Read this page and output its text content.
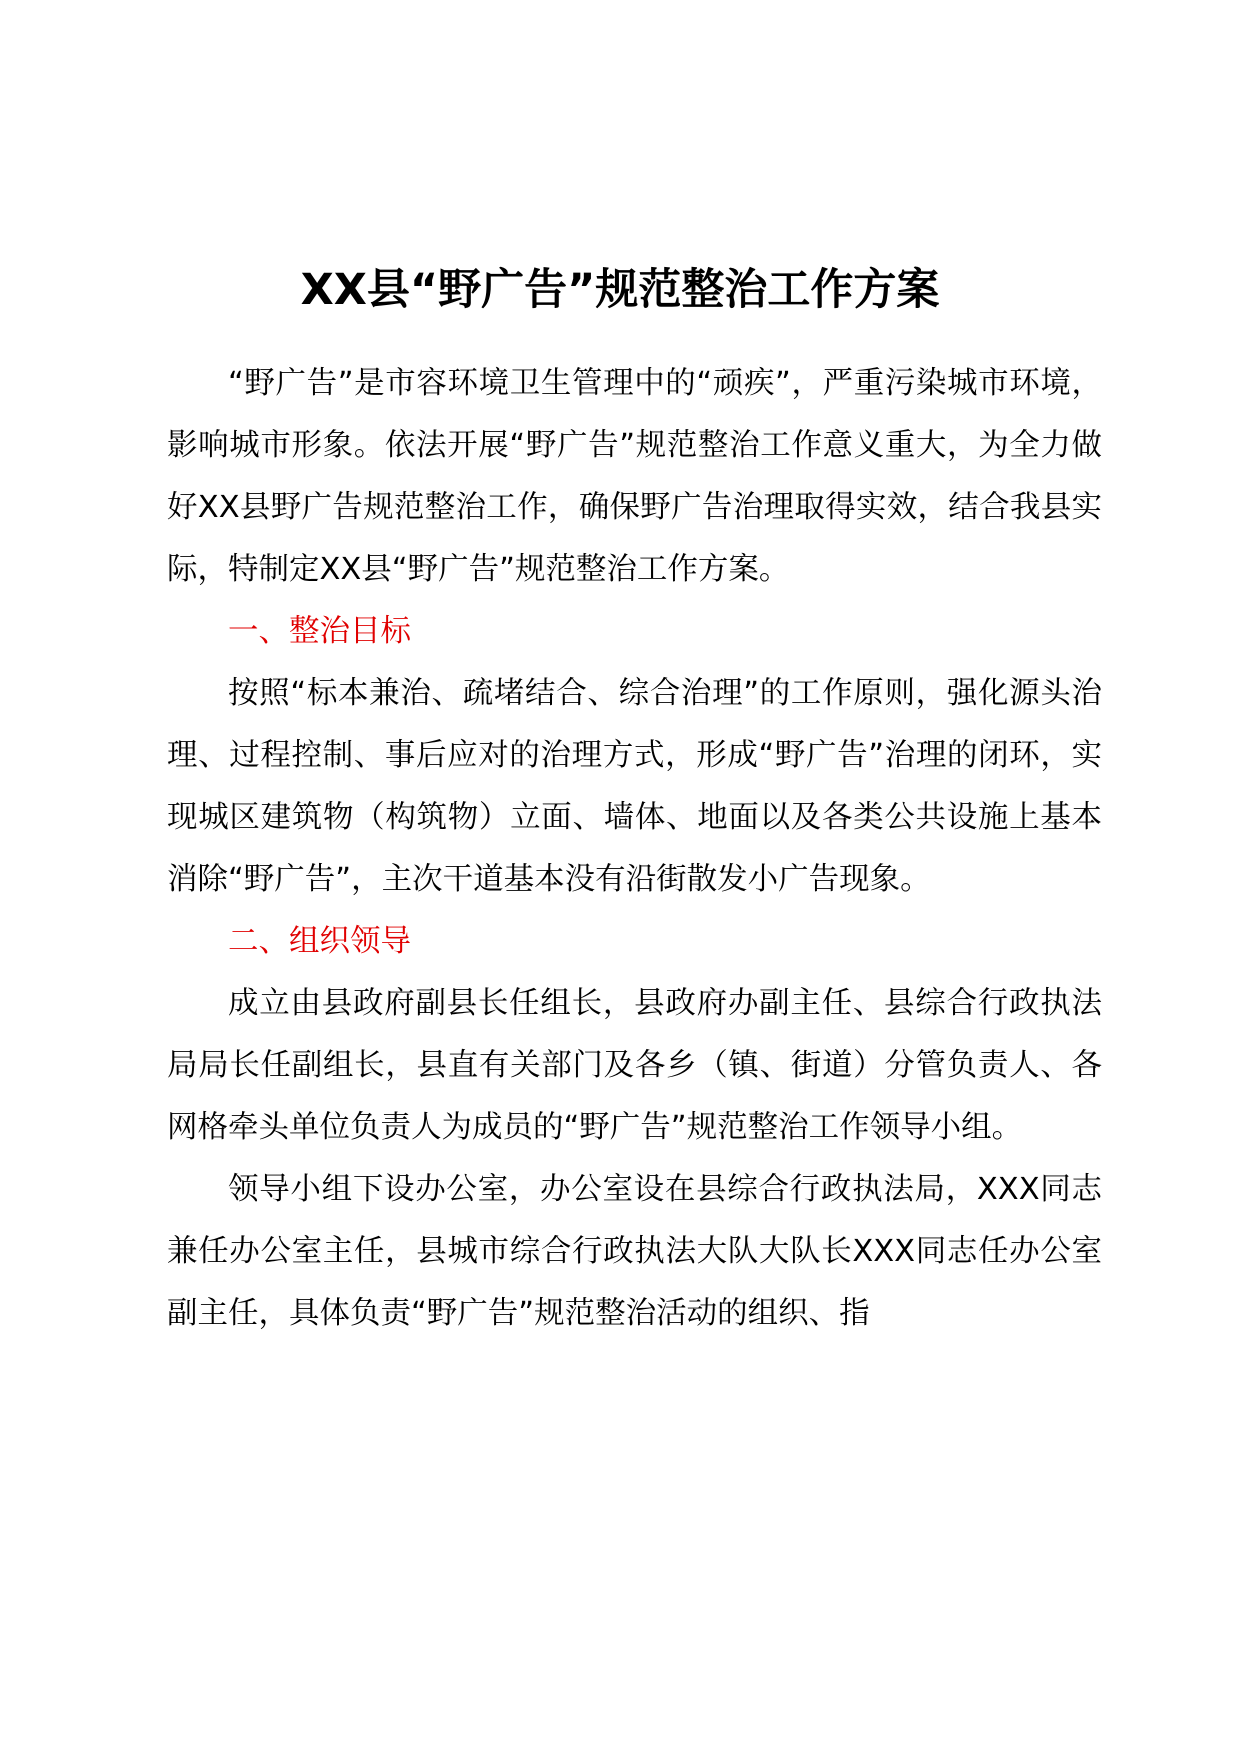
XX县“野广告”规范整治工作方案

“野广告”是市容环境卫生管理中的“顽疾”，严重污染城市环境，影响城市形象。依法开展“野广告”规范整治工作意义重大，为全力做好XX县野广告规范整治工作，确保野广告治理取得实效，结合我县实际，特制定XX县“野广告”规范整治工作方案。

一、整治目标

按照“标本兼治、疏堵结合、综合治理”的工作原则，强化源头治理、过程控制、事后应对的治理方式，形成“野广告”治理的闭环，实现城区建筑物（构筑物）立面、墙体、地面以及各类公共设施上基本消除“野广告”，主次干道基本没有沿街散发小广告现象。

二、组织领导

成立由县政府副县长任组长，县政府办副主任、县综合行政执法局局长任副组长，县直有关部门及各乡（镇、街道）分管负责人、各网格牵头单位负责人为成员的“野广告”规范整治工作领导小组。

领导小组下设办公室，办公室设在县综合行政执法局，XXX同志兼任办公室主任，县城市综合行政执法大队大队长XXX同志任办公室副主任，具体负责“野广告”规范整治活动的组织、指
